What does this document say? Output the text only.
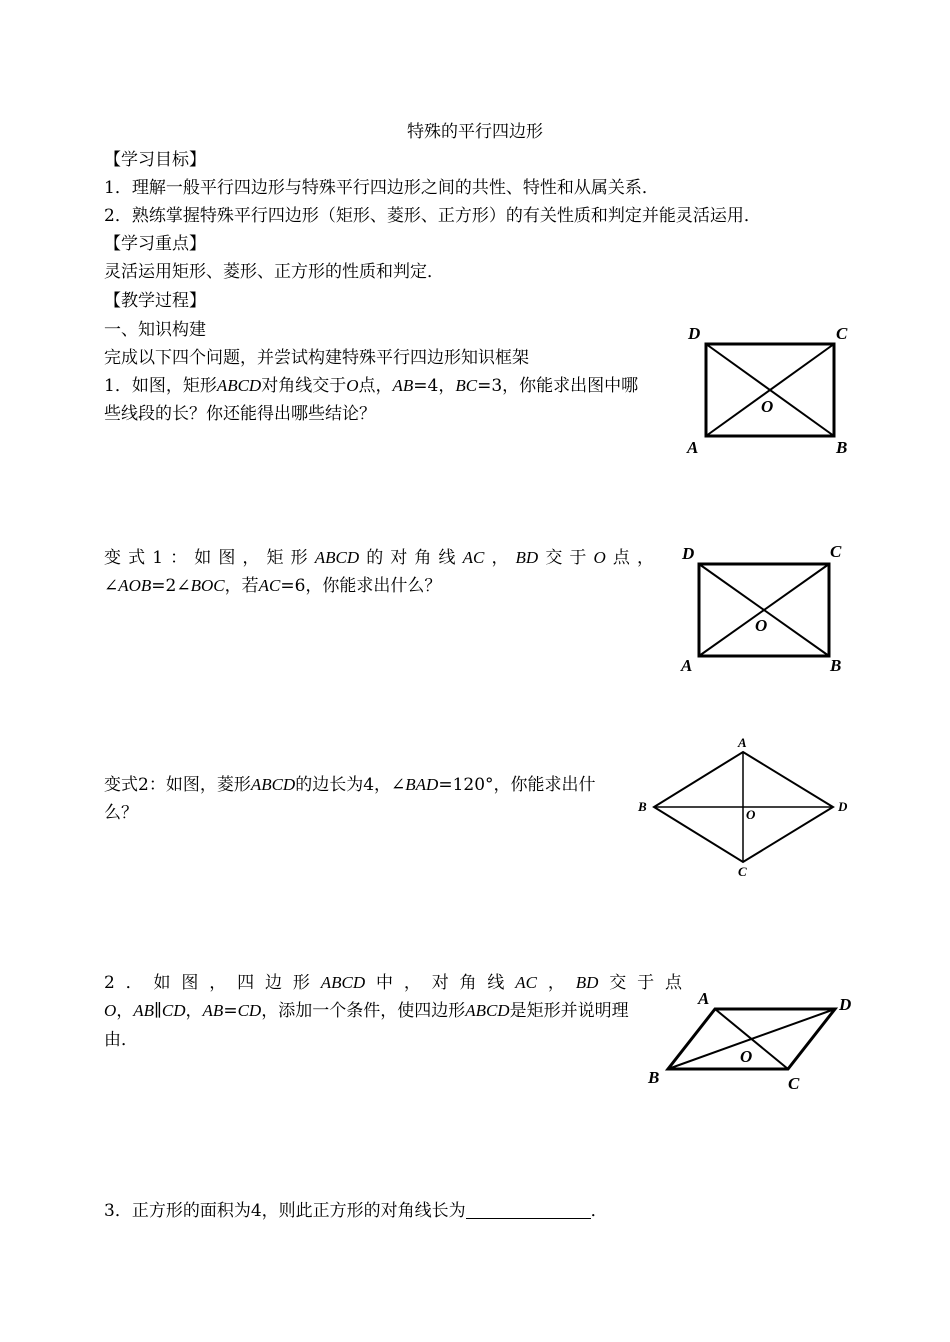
特殊的平行四边形
【学习目标】
1．理解一般平行四边形与特殊平行四边形之间的共性、特性和从属关系．
2．熟练掌握特殊平行四边形（矩形、菱形、正方形）的有关性质和判定并能灵活运用．
【学习重点】
灵活运用矩形、菱形、正方形的性质和判定．
【教学过程】
一、知识构建
完成以下四个问题，并尝试构建特殊平行四边形知识框架
1．如图，矩形ABCD对角线交于O点，AB=4，BC=3，你能求出图中哪
些线段的长？你还能得出哪些结论？
D	C
A	B
O
变式1：如图，矩形ABCD的对角线AC，BD交于O点，
∠AOB=2∠BOC，若AC=6，你能求出什么？
D	C
A	B
O
变式2：如图，菱形ABCD的边长为4，∠BAD=120°，你能求出什
么？
A
B
C
D
O
2．如图，四边形ABCD中，对角线AC，BD交于点
O，AB∥CD，AB=CD，添加一个条件，使四边形ABCD是矩形并说明理
由．
A	D
B	C
O
3．正方形的面积为4，则此正方形的对角线长为	．
